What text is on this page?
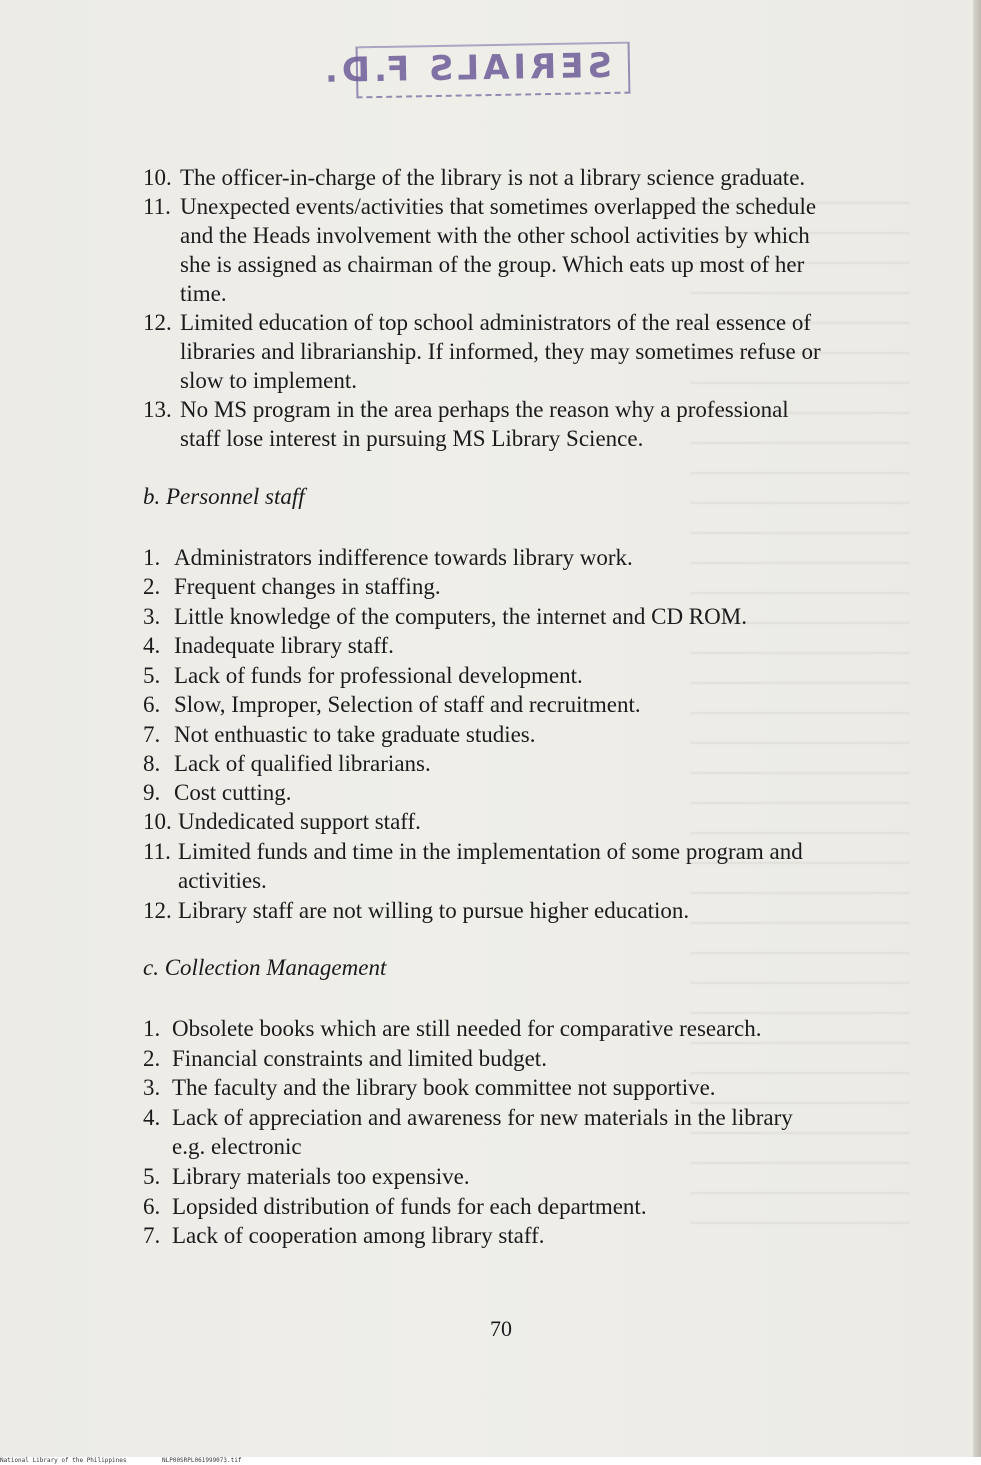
SERIALS F.D.
10. The officer-in-charge of the library is not a library science graduate.
11. Unexpected events/activities that sometimes overlapped the schedule
and the Heads involvement with the other school activities by which
she is assigned as chairman of the group. Which eats up most of her
time.
12. Limited education of top school administrators of the real essence of
libraries and librarianship. If informed, they may sometimes refuse or
slow to implement.
13. No MS program in the area perhaps the reason why a professional
staff lose interest in pursuing MS Library Science.
b. Personnel staff
1. Administrators indifference towards library work.
2. Frequent changes in staffing.
3. Little knowledge of the computers, the internet and CD ROM.
4. Inadequate library staff.
5. Lack of funds for professional development.
6. Slow, Improper, Selection of staff and recruitment.
7. Not enthuastic to take graduate studies.
8. Lack of qualified librarians.
9. Cost cutting.
10. Undedicated support staff.
11. Limited funds and time in the implementation of some program and
activities.
12. Library staff are not willing to pursue higher education.
c. Collection Management
1. Obsolete books which are still needed for comparative research.
2. Financial constraints and limited budget.
3. The faculty and the library book committee not supportive.
4. Lack of appreciation and awareness for new materials in the library
e.g. electronic
5. Library materials too expensive.
6. Lopsided distribution of funds for each department.
7. Lack of cooperation among library staff.
70
National Library of the Philippines	NLP00SRPL061999073.tif
